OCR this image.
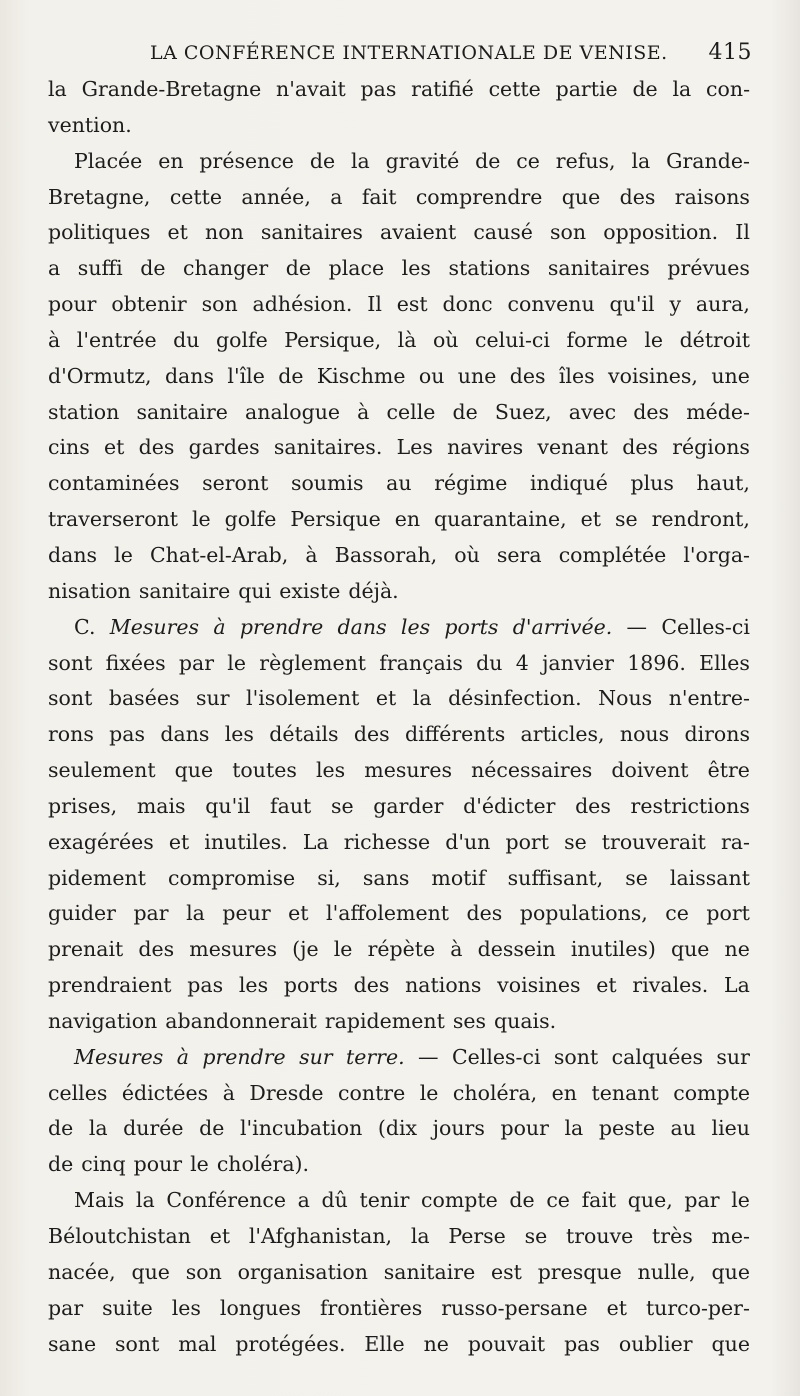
LA CONFÉRENCE INTERNATIONALE DE VENISE. 415
la Grande-Bretagne n'avait pas ratifié cette partie de la con-
vention.
Placée en présence de la gravité de ce refus, la Grande-
Bretagne, cette année, a fait comprendre que des raisons
politiques et non sanitaires avaient causé son opposition. Il
a suffi de changer de place les stations sanitaires prévues
pour obtenir son adhésion. Il est donc convenu qu'il y aura,
à l'entrée du golfe Persique, là où celui-ci forme le détroit
d'Ormutz, dans l'île de Kischme ou une des îles voisines, une
station sanitaire analogue à celle de Suez, avec des méde-
cins et des gardes sanitaires. Les navires venant des régions
contaminées seront soumis au régime indiqué plus haut,
traverseront le golfe Persique en quarantaine, et se rendront,
dans le Chat-el-Arab, à Bassorah, où sera complétée l'orga-
nisation sanitaire qui existe déjà.
C. Mesures à prendre dans les ports d'arrivée. — Celles-ci
sont fixées par le règlement français du 4 janvier 1896. Elles
sont basées sur l'isolement et la désinfection. Nous n'entre-
rons pas dans les détails des différents articles, nous dirons
seulement que toutes les mesures nécessaires doivent être
prises, mais qu'il faut se garder d'édicter des restrictions
exagérées et inutiles. La richesse d'un port se trouverait ra-
pidement compromise si, sans motif suffisant, se laissant
guider par la peur et l'affolement des populations, ce port
prenait des mesures (je le répète à dessein inutiles) que ne
prendraient pas les ports des nations voisines et rivales. La
navigation abandonnerait rapidement ses quais.
Mesures à prendre sur terre. — Celles-ci sont calquées sur
celles édictées à Dresde contre le choléra, en tenant compte
de la durée de l'incubation (dix jours pour la peste au lieu
de cinq pour le choléra).
Mais la Conférence a dû tenir compte de ce fait que, par le
Béloutchistan et l'Afghanistan, la Perse se trouve très me-
nacée, que son organisation sanitaire est presque nulle, que
par suite les longues frontières russo-persane et turco-per-
sane sont mal protégées. Elle ne pouvait pas oublier que
